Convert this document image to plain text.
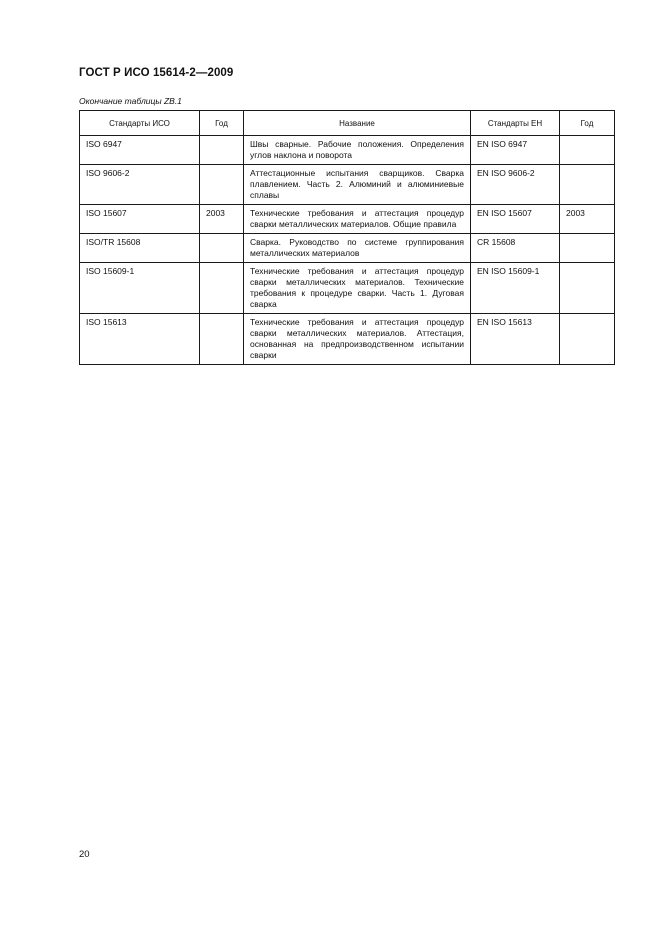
ГОСТ Р ИСО 15614-2—2009
Окончание таблицы ZB.1
Стандарты ИСО	Год	Название	Стандарты ЕН	Год
ISO 6947		Швы сварные. Рабочие положения. Определения углов наклона и поворота	EN ISO 6947	
ISO 9606-2		Аттестационные испытания сварщиков. Сварка плавлением. Часть 2. Алюминий и алюминиевые сплавы	EN ISO 9606-2	
ISO 15607	2003	Технические требования и аттестация процедур сварки металлических материалов. Общие правила	EN ISO 15607	2003
ISO/TR 15608		Сварка. Руководство по системе группирования металлических материалов	CR 15608	
ISO 15609-1		Технические требования и аттестация процедур сварки металлических материалов. Технические требования к процедуре сварки. Часть 1. Дуговая сварка	EN ISO 15609-1	
ISO 15613		Технические требования и аттестация процедур сварки металлических материалов. Аттестация, основанная на предпроизводственном испытании сварки	EN ISO 15613	
20
